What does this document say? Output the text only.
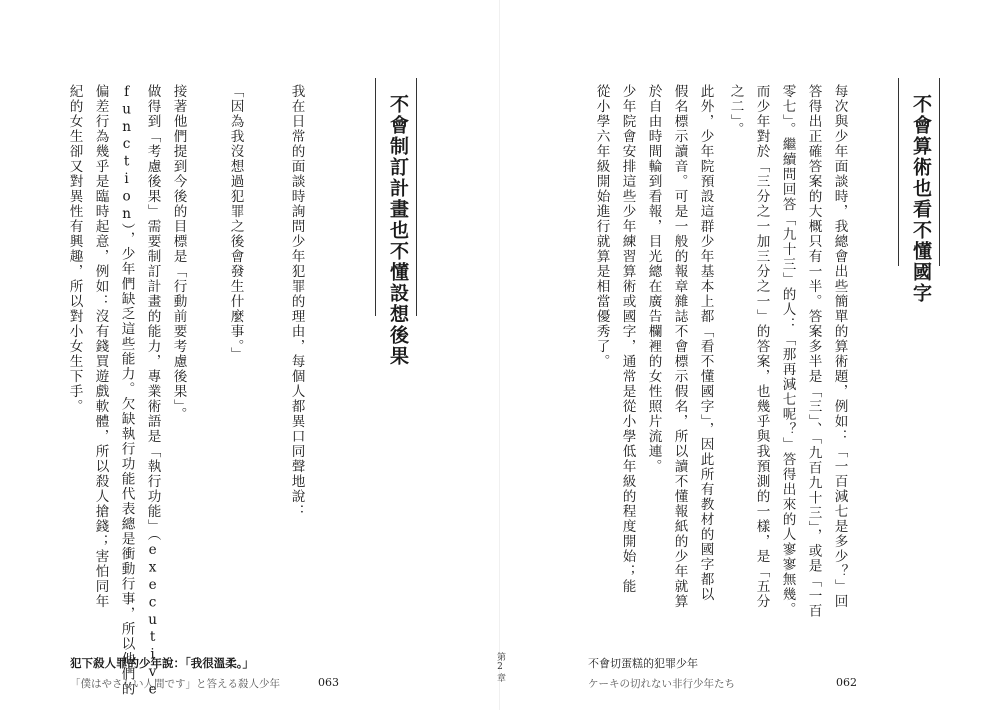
不會制訂計畫也不懂設想後果
我在日常的面談時詢問少年犯罪的理由，每個人都異口同聲地說：
「因為我沒想過犯罪之後會發生什麼事。」
接著他們提到今後的目標是「行動前要考慮後果」。
做得到「考慮後果」需要制訂計畫的能力，專業術語是「執行功能」（executive
function），少年們缺乏這些能力。欠缺執行功能代表總是衝動行事，所以他們的
偏差行為幾乎是臨時起意，例如：沒有錢買遊戲軟體，所以殺人搶錢；害怕同年
紀的女生卻又對異性有興趣，所以對小女生下手。
犯下殺人罪的少年說：「我很溫柔。」
「僕はやさしい人間です」と答える殺人少年	063	第2章
不會算術也看不懂國字
每次與少年面談時，我總會出些簡單的算術題，例如：「一百減七是多少？」回
答得出正確答案的大概只有一半。答案多半是「三」、「九百九十三」，或是「一百
零七」。繼續問回答「九十三」的人：「那再減七呢？」答得出來的人寥寥無幾。
而少年對於「三分之一加三分之一」的答案，也幾乎與我預測的一樣，是「五分
之二」。
此外，少年院預設這群少年基本上都「看不懂國字」，因此所有教材的國字都以
假名標示讀音。可是一般的報章雜誌不會標示假名，所以讀不懂報紙的少年就算
於自由時間輪到看報，目光總在廣告欄裡的女性照片流連。
少年院會安排這些少年練習算術或國字，通常是從小學低年級的程度開始；能
從小學六年級開始進行就算是相當優秀了。
不會切蛋糕的犯罪少年
ケーキの切れない非行少年たち	062
